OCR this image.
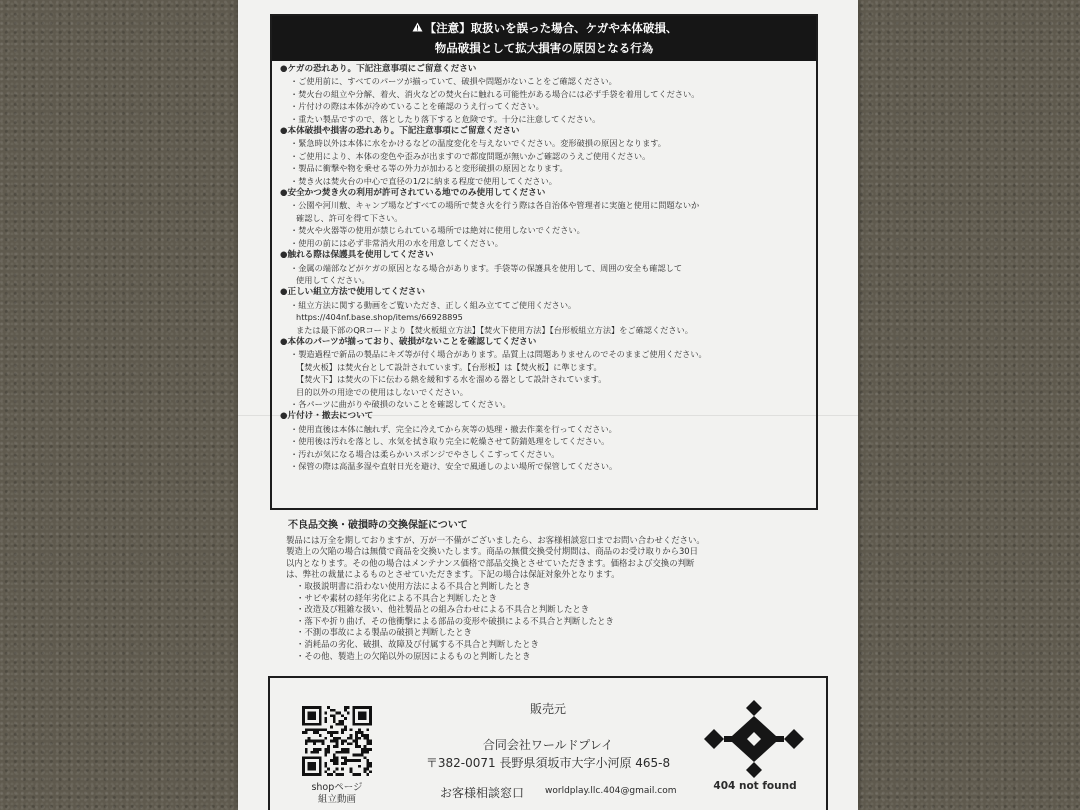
【注意】取扱いを誤った場合、ケガや本体破損、
物品破損として拡大損害の原因となる行為
●ケガの恐れあり。下記注意事項にご留意ください
・ご使用前に、すべてのパーツが揃っていて、破損や問題がないことをご確認ください。
・焚火台の組立や分解、着火、消火などの焚火台に触れる可能性がある場合には必ず手袋を着用してください。
・片付けの際は本体が冷めていることを確認のうえ行ってください。
・重たい製品ですので、落としたり落下すると危険です。十分に注意してください。
●本体破損や損害の恐れあり。下記注意事項にご留意ください
・緊急時以外は本体に水をかけるなどの温度変化を与えないでください。変形破損の原因となります。
・ご使用により、本体の変色や歪みが出ますので都度問題が無いかご確認のうえご使用ください。
・製品に衝撃や物を乗せる等の外力が加わると変形破損の原因となります。
・焚き火は焚火台の中心で直径の1/2に納まる程度で使用してください。
●安全かつ焚き火の利用が許可されている地でのみ使用してください
・公園や河川敷、キャンプ場などすべての場所で焚き火を行う際は各自治体や管理者に実施と使用に問題ないか
確認し、許可を得て下さい。
・焚火や火器等の使用が禁じられている場所では絶対に使用しないでください。
・使用の前には必ず非常消火用の水を用意してください。
●触れる際は保護具を使用してください
・金属の端部などがケガの原因となる場合があります。手袋等の保護具を使用して、周囲の安全も確認して
使用してください。
●正しい組立方法で使用してください
・組立方法に関する動画をご覧いただき、正しく組み立ててご使用ください。
https://404nf.base.shop/items/66928895
または最下部のQRコードより【焚火板組立方法】【焚火下使用方法】【台形板組立方法】をご確認ください。
●本体のパーツが揃っており、破損がないことを確認してください
・製造過程で新品の製品にキズ等が付く場合があります。品質上は問題ありませんのでそのままご使用ください。
【焚火板】は焚火台として設計されています。【台形板】は【焚火板】に準じます。
【焚火下】は焚火の下に伝わる熱を緩和する水を溜める器として設計されています。
目的以外の用途での使用はしないでください。
・各パーツに曲がりや破損のないことを確認してください。
●片付け・撤去について
・使用直後は本体に触れず、完全に冷えてから灰等の処理・撤去作業を行ってください。
・使用後は汚れを落とし、水気を拭き取り完全に乾燥させて防錆処理をしてください。
・汚れが気になる場合は柔らかいスポンジでやさしくこすってください。
・保管の際は高温多湿や直射日光を避け、安全で風通しのよい場所で保管してください。
不良品交換・破損時の交換保証について
製品には万全を期しておりますが、万が一不備がございましたら、お客様相談窓口までお問い合わせください。
製造上の欠陥の場合は無償で商品を交換いたします。商品の無償交換受付期間は、商品のお受け取りから30日
以内となります。その他の場合はメンテナンス価格で部品交換とさせていただきます。価格および交換の判断
は、弊社の裁量によるものとさせていただきます。下記の場合は保証対象外となります。
・取扱説明書に沿わない使用方法による不具合と判断したとき
・サビや素材の経年劣化による不具合と判断したとき
・改造及び粗雑な扱い、他社製品との組み合わせによる不具合と判断したとき
・落下や折り曲げ、その他衝撃による部品の変形や破損による不具合と判断したとき
・不測の事故による製品の破損と判断したとき
・消耗品の劣化、破損、故障及び付属する不具合と判断したとき
・その他、製造上の欠陥以外の原因によるものと判断したとき
販売元
shopページ
組立動画
合同会社ワールドプレイ
〒382-0071 長野県須坂市大字小河原 465-8
お客様相談窓口 worldplay.llc.404@gmail.com	404 not found
